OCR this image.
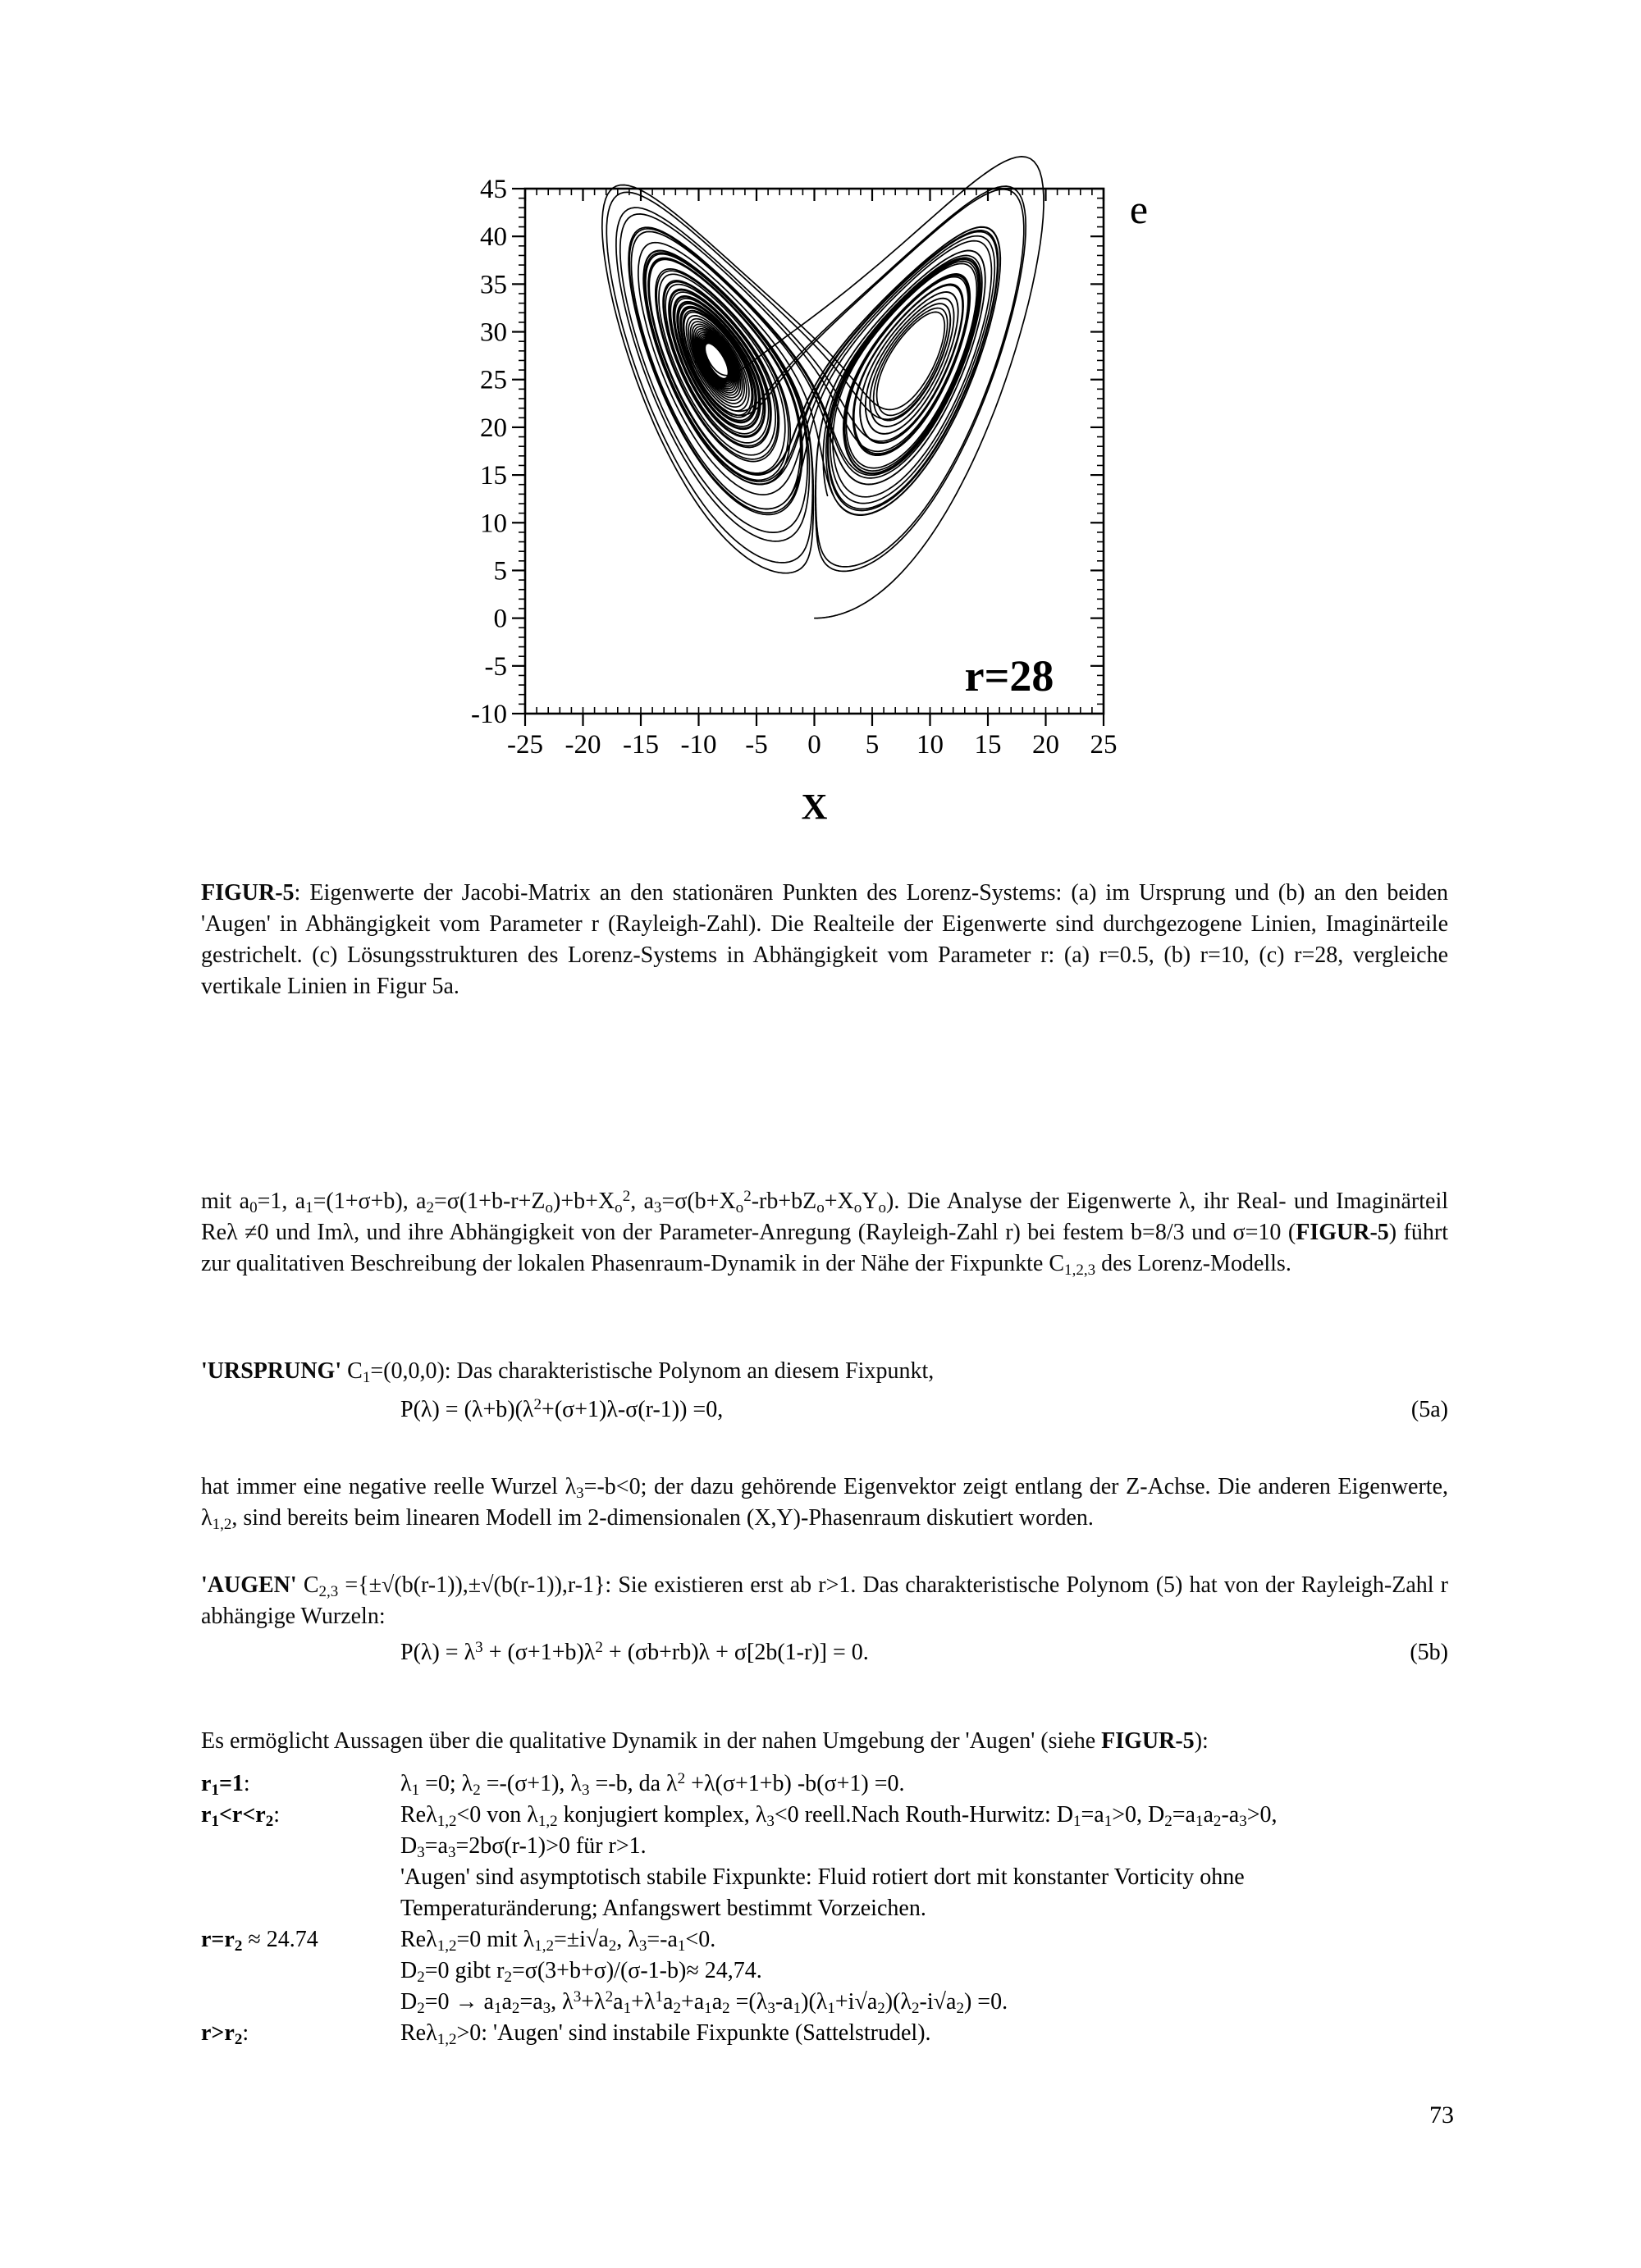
-25 -20 -15 -10 -5 0 5 10 15 20 25
45
40
35
30
25
20
15
10
5
0
-5
-10
X
r=28
e

FIGUR-5: Eigenwerte der Jacobi-Matrix an den stationären Punkten des Lorenz-Systems: (a) im Ursprung und (b) an den beiden 'Augen' in Abhängigkeit vom Parameter r (Rayleigh-Zahl). Die Realteile der Eigenwerte sind durchgezogene Linien, Imaginärteile gestrichelt. (c) Lösungsstrukturen des Lorenz-Systems in Abhängigkeit vom Parameter r: (a) r=0.5, (b) r=10, (c) r=28, vergleiche vertikale Linien in Figur 5a.

mit $a_0=1$, $a_1=(1+\sigma+b)$, $a_2=\sigma(1+b-r+Z_o)+b+X_o^2$, $a_3=\sigma(b+X_o^2-rb+bZ_o+X_oY_o)$. Die Analyse der Eigenwerte λ, ihr Real- und Imaginärteil Reλ ≠0 und Imλ, und ihre Abhängigkeit von der Parameter-Anregung (Rayleigh-Zahl r) bei festem b=8/3 und σ=10 (FIGUR-5) führt zur qualitativen Beschreibung der lokalen Phasenraum-Dynamik in der Nähe der Fixpunkte $C_{1,2,3}$ des Lorenz-Modells.

'URSPRUNG' $C_1=(0,0,0)$: Das charakteristische Polynom an diesem Fixpunkt,

$P(\lambda) = (\lambda+b)(\lambda^2+(\sigma+1)\lambda-\sigma(r-1)) =0$,	(5a)

hat immer eine negative reelle Wurzel $\lambda_3=-b<0$; der dazu gehörende Eigenvektor zeigt entlang der Z-Achse. Die anderen Eigenwerte, $\lambda_{1,2}$, sind bereits beim linearen Modell im 2-dimensionalen (X,Y)-Phasenraum diskutiert worden.

'AUGEN' $C_{2,3} =\{\pm√(b(r-1)),\pm√(b(r-1)),r-1\}$: Sie existieren erst ab r>1. Das charakteristische Polynom (5) hat von der Rayleigh-Zahl r abhängige Wurzeln:

$P(\lambda) = \lambda^3 + (\sigma+1+b)\lambda^2 + (\sigma b+rb)\lambda + \sigma[2b(1-r)] = 0$.	(5b)

Es ermöglicht Aussagen über die qualitative Dynamik in der nahen Umgebung der 'Augen' (siehe FIGUR-5):

$r_1=1$:	$\lambda_1 =0$; $\lambda_2 =-(\sigma+1)$, $\lambda_3 =-b$, da $\lambda^2 +\lambda(\sigma+1+b)$ -b(σ+1) =0.
$r_1<r<r_2$:	Reλ$_{1,2}$<0 von $\lambda_{1,2}$ konjugiert komplex, $\lambda_3<0$ reell.Nach Routh-Hurwitz: $D_1=a_1>0$, $D_2=a_1a_2-a_3>0$,
$D_3=a_3=2b\sigma(r-1)>0$ für r>1.
'Augen' sind asymptotisch stabile Fixpunkte: Fluid rotiert dort mit konstanter Vorticity ohne
Temperaturänderung; Anfangswert bestimmt Vorzeichen.
$r=r_2 \approx 24.74$	Reλ$_{1,2}$=0 mit $\lambda_{1,2}=\pm i√a_2$, $\lambda_3=-a_1<0$.
$D_2=0$ gibt $r_2=\sigma(3+b+\sigma)/(\sigma-1-b)\approx 24,74$.
$D_2=0 \to a_1a_2=a_3$, $\lambda^3+\lambda^2a_1+\lambda^1a_2+a_1a_2 =(\lambda_3-a_1)(\lambda_1+i√a_2)(\lambda_2-i√a_2) =0$.
$r>r_2$:	Reλ$_{1,2}$>0: 'Augen' sind instabile Fixpunkte (Sattelstrudel).
73
